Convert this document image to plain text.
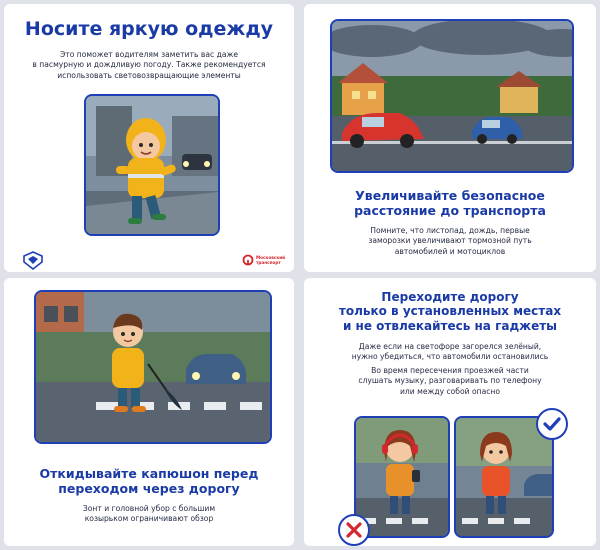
Носите яркую одежду
Это поможет водителям заметить вас даже
в пасмурную и дождливую погоду. Также рекомендуется
использовать световозвращающие элементы
Московский транспорт
Увеличивайте безопасное
расстояние до транспорта
Помните, что листопад, дождь, первые
заморозки увеличивают тормозной путь
автомобилей и мотоциклов
Откидывайте капюшон перед
переходом через дорогу
Зонт и головной убор с большим
козырьком ограничивают обзор
Переходите дорогу
только в установленных местах
и не отвлекайтесь на гаджеты
Даже если на светофоре загорелся зелёный,
нужно убедиться, что автомобили остановились
Во время пересечения проезжей части
слушать музыку, разговаривать по телефону
или между собой опасно
